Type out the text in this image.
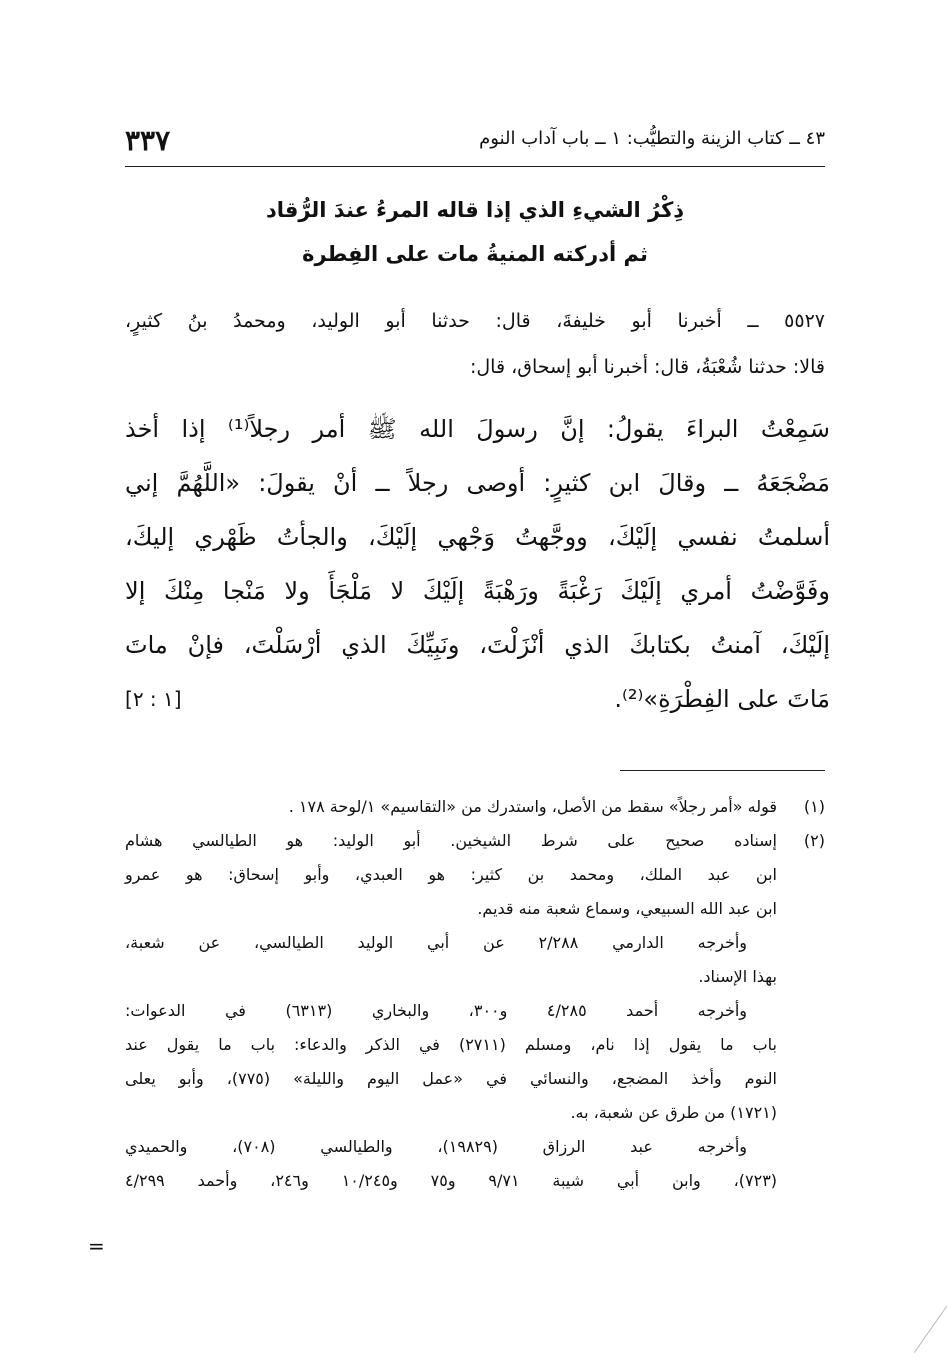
٣٣٧	٤٣ ــ كتاب الزينة والتطيُّب: ١ ــ باب آداب النوم
ذِكْرُ الشيءِ الذي إذا قاله المرءُ عندَ الرُّقاد
ثم أدركته المنيةُ مات على الفِطرة
٥٥٢٧ ــ أخبرنا أبو خليفةَ، قال: حدثنا أبو الوليد، ومحمدُ بنُ كثيرٍ،
قالا: حدثنا شُعْبَةُ، قال: أخبرنا أبو إسحاق، قال:
سَمِعْتُ البراءَ يقولُ: إنَّ رسولَ الله ﷺ أمر رجلاً⁽¹⁾ إذا أخذ
مَضْجَعَهُ ــ وقالَ ابن كثيرٍ: أوصى رجلاً ــ أنْ يقولَ: «اللَّهُمَّ إني
أسلمتُ نفسي إلَيْكَ، ووجَّهتُ وَجْهي إلَيْكَ، والجأتُ ظَهْري إليكَ،
وفَوَّضْتُ أمري إلَيْكَ رَغْبَةً ورَهْبَةً إلَيْكَ لا مَلْجَأَ ولا مَنْجا مِنْكَ إلا
إلَيْكَ، آمنتُ بكتابكَ الذي أنْزَلْتَ، ونَبِيِّكَ الذي أرْسَلْتَ، فإنْ ماتَ
مَاتَ على الفِطْرَةِ»⁽²⁾.
[١ : ٢]
(١)
قوله «أمر رجلاً» سقط من الأصل، واستدرك من «التقاسيم» ١/لوحة ١٧٨ .
(٢)
إسناده صحيح على شرط الشيخين. أبو الوليد: هو الطيالسي هشام
ابن عبد الملك، ومحمد بن كثير: هو العبدي، وأبو إسحاق: هو عمرو
ابن عبد الله السبيعي، وسماع شعبة منه قديم.
وأخرجه الدارمي ٢/٢٨٨ عن أبي الوليد الطيالسي، عن شعبة،
بهذا الإسناد.
وأخرجه أحمد ٤/٢٨٥ و٣٠٠، والبخاري (٦٣١٣) في الدعوات:
باب ما يقول إذا نام، ومسلم (٢٧١١) في الذكر والدعاء: باب ما يقول عند
النوم وأخذ المضجع، والنسائي في «عمل اليوم والليلة» (٧٧٥)، وأبو يعلى
(١٧٢١) من طرق عن شعبة، به.
وأخرجه عبد الرزاق (١٩٨٢٩)، والطيالسي (٧٠٨)، والحميدي
(٧٢٣)، وابن أبي شيبة ٩/٧١ و٧٥ و١٠/٢٤٥ و٢٤٦، وأحمد ٤/٢٩٩
=
